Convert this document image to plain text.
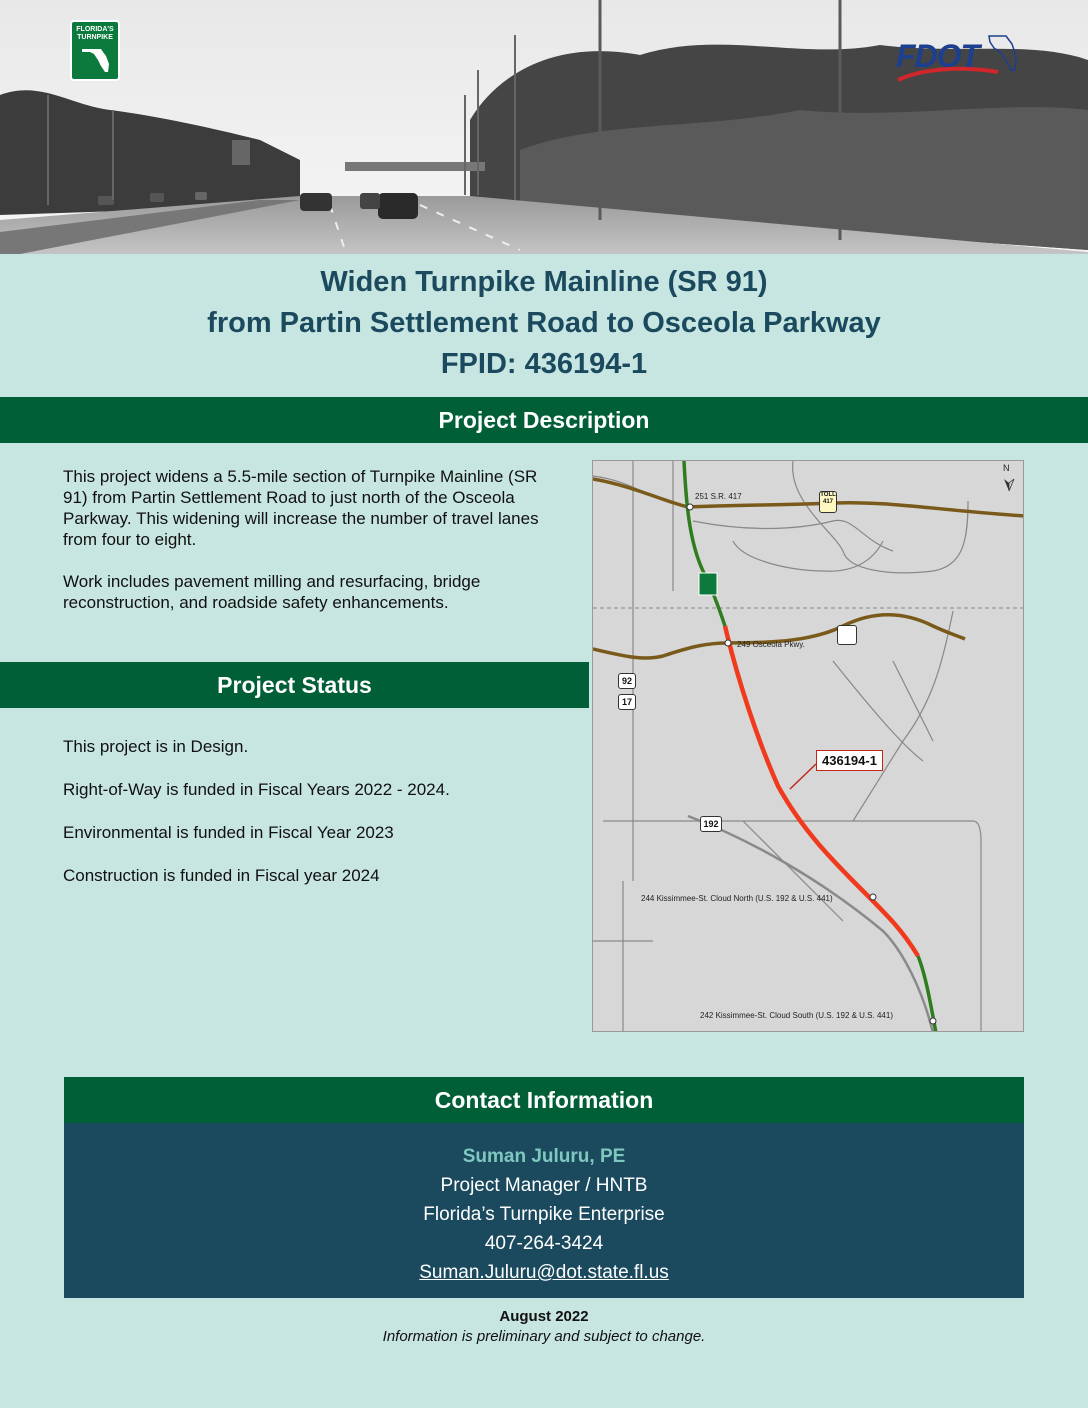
FLORIDA'S TURNPIKE
FDOT
Widen Turnpike Mainline (SR 91)
from Partin Settlement Road to Osceola Parkway
FPID: 436194-1
Project Description

This project widens a 5.5-mile section of Turnpike Mainline (SR 91) from Partin Settlement Road to just north of the Osceola Parkway. This widening will increase the number of travel lanes from four to eight.

Work includes pavement milling and resurfacing, bridge reconstruction, and roadside safety enhancements.

Project Status

This project is in Design.

Right-of-Way is funded in Fiscal Years 2022 - 2024.

Environmental is funded in Fiscal Year 2023

Construction is funded in Fiscal year 2024

N
251 S.R. 417	TOLL
417
249 Osceola Pkwy.
92
17
192
436194-1
244 Kissimmee-St. Cloud North (U.S. 192 & U.S. 441)
242 Kissimmee-St. Cloud South (U.S. 192 & U.S. 441)
Contact Information
Suman Juluru, PE
Project Manager / HNTB
Florida’s Turnpike Enterprise
407-264-3424
Suman.Juluru@dot.state.fl.us
August 2022
Information is preliminary and subject to change.
